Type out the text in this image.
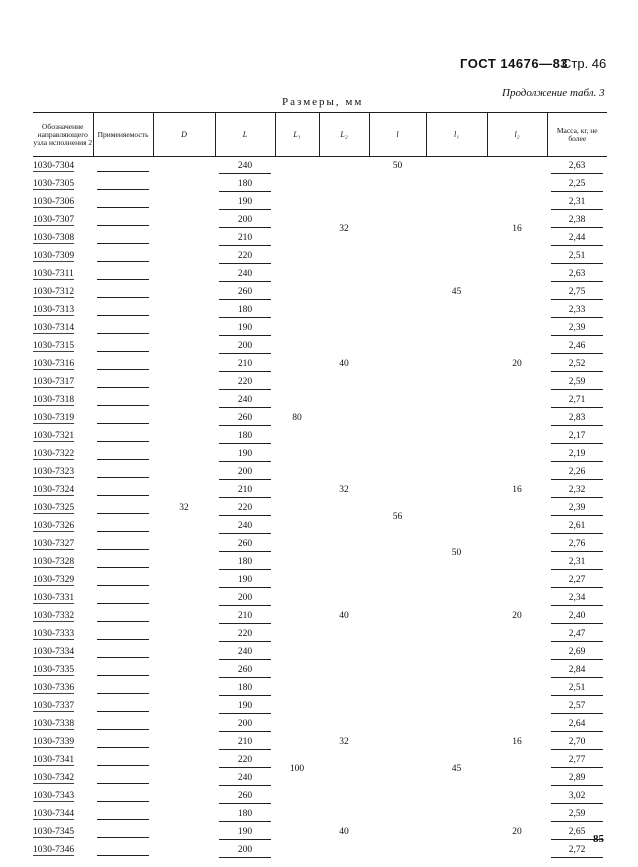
ГОСТ 14676—83
Стр. 46
Продолжение табл. 3
Размеры, мм
Обозначение направляющего узла исполнения 2	Применяемость	D	L	L₁	L₂	l	l₁	l₂	Масса, кг, не более
1030-7304		32	240	80	32	50	45	16	2,63
1030-7305			180			56			2,25
1030-7306			190						2,31
1030-7307			200						2,38
1030-7308			210						2,44
1030-7309			220						2,51
1030-7311			240						2,63
1030-7312			260						2,75
1030-7313			180		40			20	2,33
1030-7314			190						2,39
1030-7315			200						2,46
1030-7316			210						2,52
1030-7317			220						2,59
1030-7318			240						2,71
1030-7319			260						2,83
1030-7321			180		32		50	16	2,17
1030-7322			190						2,19
1030-7323			200						2,26
1030-7324			210						2,32
1030-7325			220						2,39
1030-7326			240						2,61
1030-7327			260						2,76
1030-7328			180		40			20	2,31
1030-7329			190						2,27
1030-7331			200						2,34
1030-7332			210						2,40
1030-7333			220						2,47
1030-7334			240						2,69
1030-7335			260						2,84
1030-7336			180	100	32		45	16	2,51
1030-7337			190						2,57
1030-7338			200						2,64
1030-7339			210						2,70
1030-7341			220						2,77
1030-7342			240						2,89
1030-7343			260						3,02
1030-7344			180		40			20	2,59
1030-7345			190						2,65
1030-7346			200						2,72
85
